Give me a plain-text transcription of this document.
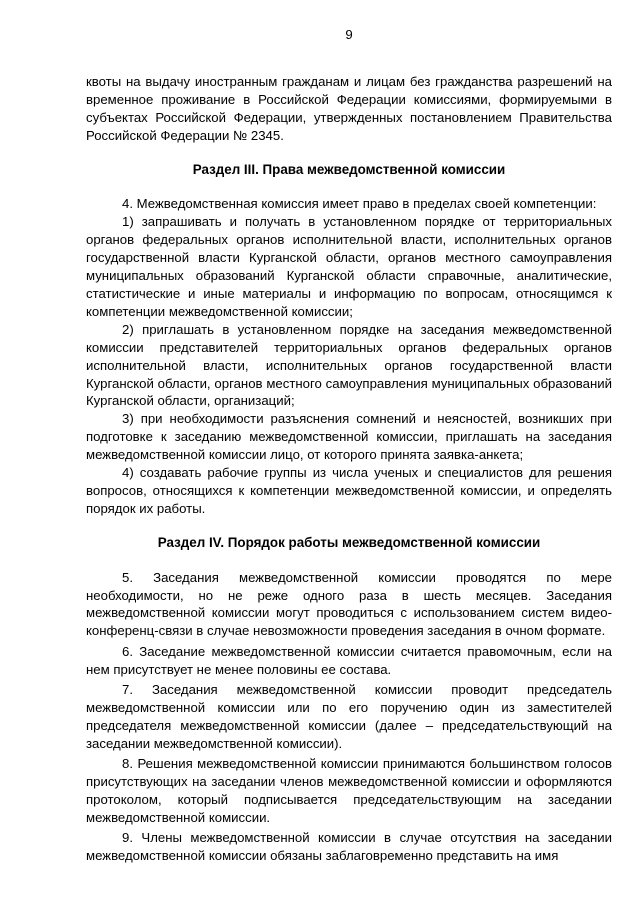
9

квоты на выдачу иностранным гражданам и лицам без гражданства разрешений на временное проживание в Российской Федерации комиссиями, формируемыми в субъектах Российской Федерации, утвержденных постановлением Правительства Российской Федерации № 2345.

Раздел III. Права межведомственной комиссии

4. Межведомственная комиссия имеет право в пределах своей компетенции:

1) запрашивать и получать в установленном порядке от территориальных органов федеральных органов исполнительной власти, исполнительных органов государственной власти Курганской области, органов местного самоуправления муниципальных образований Курганской области справочные, аналитические, статистические и иные материалы и информацию по вопросам, относящимся к компетенции межведомственной комиссии;

2) приглашать в установленном порядке на заседания межведомственной комиссии представителей территориальных органов федеральных органов исполнительной власти, исполнительных органов государственной власти Курганской области, органов местного самоуправления муниципальных образований Курганской области, организаций;

3) при необходимости разъяснения сомнений и неясностей, возникших при подготовке к заседанию межведомственной комиссии, приглашать на заседания межведомственной комиссии лицо, от которого принята заявка-анкета;

4) создавать рабочие группы из числа ученых и специалистов для решения вопросов, относящихся к компетенции межведомственной комиссии, и определять порядок их работы.

Раздел IV. Порядок работы межведомственной комиссии

5. Заседания межведомственной комиссии проводятся по мере необходимости, но не реже одного раза в шесть месяцев. Заседания межведомственной комиссии могут проводиться с использованием систем видео-конференц-связи в случае невозможности проведения заседания в очном формате.

6. Заседание межведомственной комиссии считается правомочным, если на нем присутствует не менее половины ее состава.

7. Заседания межведомственной комиссии проводит председатель межведомственной комиссии или по его поручению один из заместителей председателя межведомственной комиссии (далее – председательствующий на заседании межведомственной комиссии).

8. Решения межведомственной комиссии принимаются большинством голосов присутствующих на заседании членов межведомственной комиссии и оформляются протоколом, который подписывается председательствующим на заседании межведомственной комиссии.

9. Члены межведомственной комиссии в случае отсутствия на заседании межведомственной комиссии обязаны заблаговременно представить на имя
